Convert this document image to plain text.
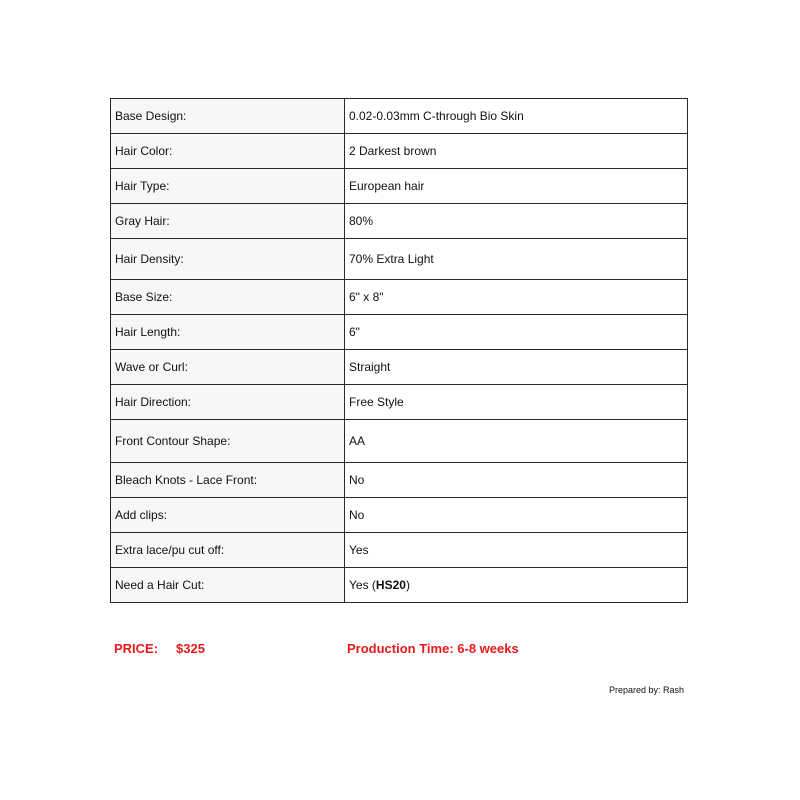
Base Design:	0.02-0.03mm C-through Bio Skin
Hair Color:	2 Darkest brown
Hair Type:	European hair
Gray Hair:	80%
Hair Density:	70% Extra Light
Base Size:	6" x 8"
Hair Length:	6"
Wave or Curl:	Straight
Hair Direction:	Free Style
Front Contour Shape:	AA
Bleach Knots - Lace Front:	No
Add clips:	No
Extra lace/pu cut off:	Yes
Need a Hair Cut:	Yes (HS20)
PRICE: $325	Production Time: 6-8 weeks
Prepared by: Rash
